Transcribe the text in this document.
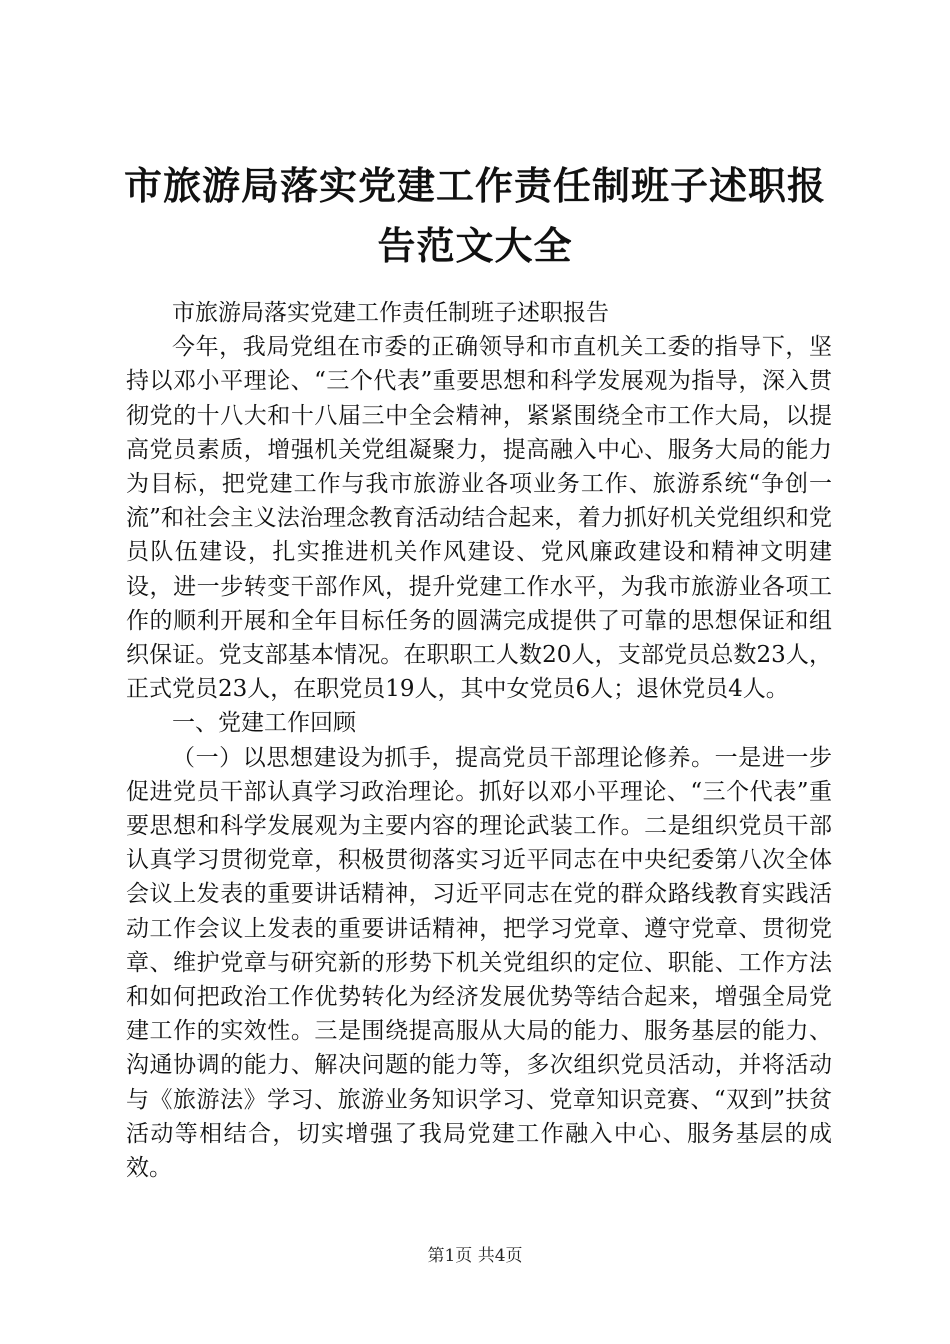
市旅游局落实党建工作责任制班子述职报告范文大全

市旅游局落实党建工作责任制班子述职报告

今年，我局党组在市委的正确领导和市直机关工委的指导下，坚持以邓小平理论、“三个代表”重要思想和科学发展观为指导，深入贯彻党的十八大和十八届三中全会精神，紧紧围绕全市工作大局，以提高党员素质，增强机关党组凝聚力，提高融入中心、服务大局的能力为目标，把党建工作与我市旅游业各项业务工作、旅游系统“争创一流”和社会主义法治理念教育活动结合起来，着力抓好机关党组织和党员队伍建设，扎实推进机关作风建设、党风廉政建设和精神文明建设，进一步转变干部作风，提升党建工作水平，为我市旅游业各项工作的顺利开展和全年目标任务的圆满完成提供了可靠的思想保证和组织保证。党支部基本情况。在职职工人数20人，支部党员总数23人，正式党员23人，在职党员19人，其中女党员6人；退休党员4人。

一、党建工作回顾

（一）以思想建设为抓手，提高党员干部理论修养。一是进一步促进党员干部认真学习政治理论。抓好以邓小平理论、“三个代表”重要思想和科学发展观为主要内容的理论武装工作。二是组织党员干部认真学习贯彻党章，积极贯彻落实习近平同志在中央纪委第八次全体会议上发表的重要讲话精神，习近平同志在党的群众路线教育实践活动工作会议上发表的重要讲话精神，把学习党章、遵守党章、贯彻党章、维护党章与研究新的形势下机关党组织的定位、职能、工作方法和如何把政治工作优势转化为经济发展优势等结合起来，增强全局党建工作的实效性。三是围绕提高服从大局的能力、服务基层的能力、沟通协调的能力、解决问题的能力等，多次组织党员活动，并将活动与《旅游法》学习、旅游业务知识学习、党章知识竞赛、“双到”扶贫活动等相结合，切实增强了我局党建工作融入中心、服务基层的成效。

第1页 共4页
